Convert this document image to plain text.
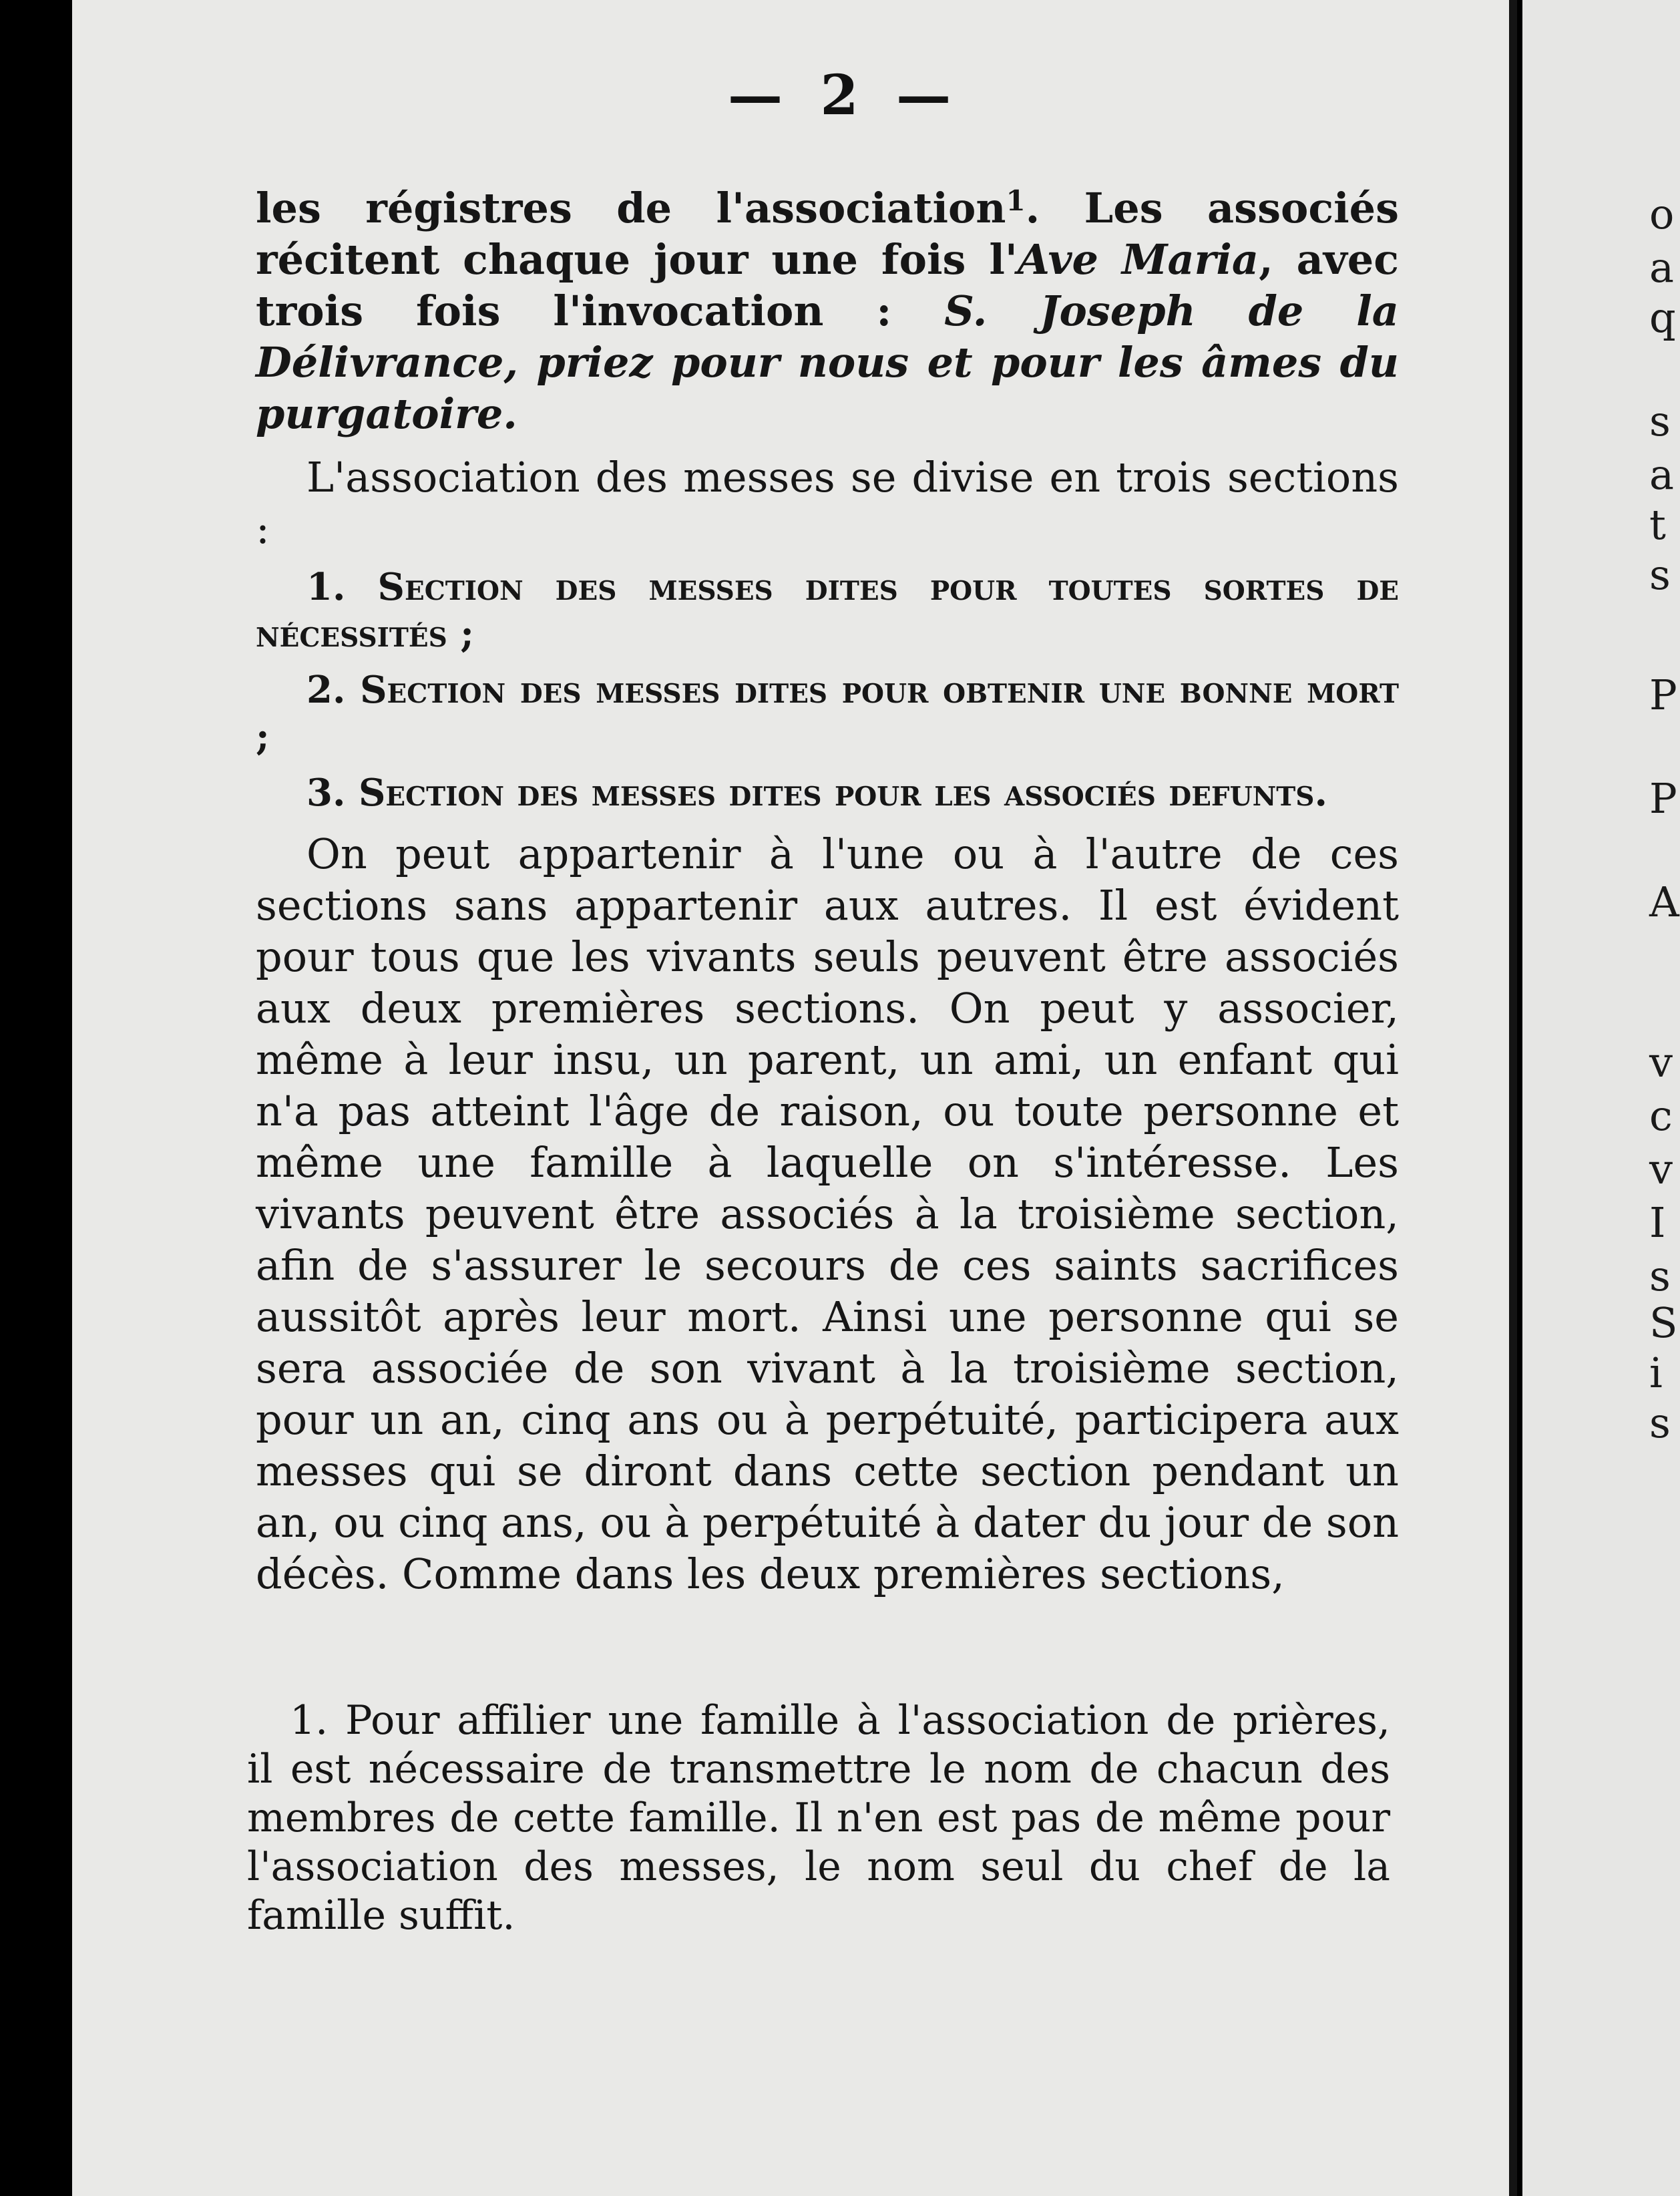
o
a
q
s
a
t
s
P
P
A
v
c
v
I
s
S
i
s
— 2 —

les régistres de l'association$^1$. Les associés récitent chaque jour une fois l'Ave Maria, avec trois fois l'invocation : S. Joseph de la Délivrance, priez pour nous et pour les âmes du purgatoire.

L'association des messes se divise en trois sections :

1. Section des messes dites pour toutes sortes de nécessités ;

2. Section des messes dites pour obtenir une bonne mort ;

3. Section des messes dites pour les associés defunts.

On peut appartenir à l'une ou à l'autre de ces sections sans appartenir aux autres. Il est évident pour tous que les vivants seuls peuvent être associés aux deux premières sections. On peut y associer, même à leur insu, un parent, un ami, un enfant qui n'a pas atteint l'âge de raison, ou toute personne et même une famille à laquelle on s'intéresse. Les vivants peuvent être associés à la troisième section, afin de s'assurer le secours de ces saints sacrifices aussitôt après leur mort. Ainsi une personne qui se sera associée de son vivant à la troisième section, pour un an, cinq ans ou à perpétuité, participera aux messes qui se diront dans cette section pendant un an, ou cinq ans, ou à perpétuité à dater du jour de son décès. Comme dans les deux premières sections,

1. Pour affilier une famille à l'association de prières, il est nécessaire de transmettre le nom de chacun des membres de cette famille. Il n'en est pas de même pour l'association des messes, le nom seul du chef de la famille suffit.
